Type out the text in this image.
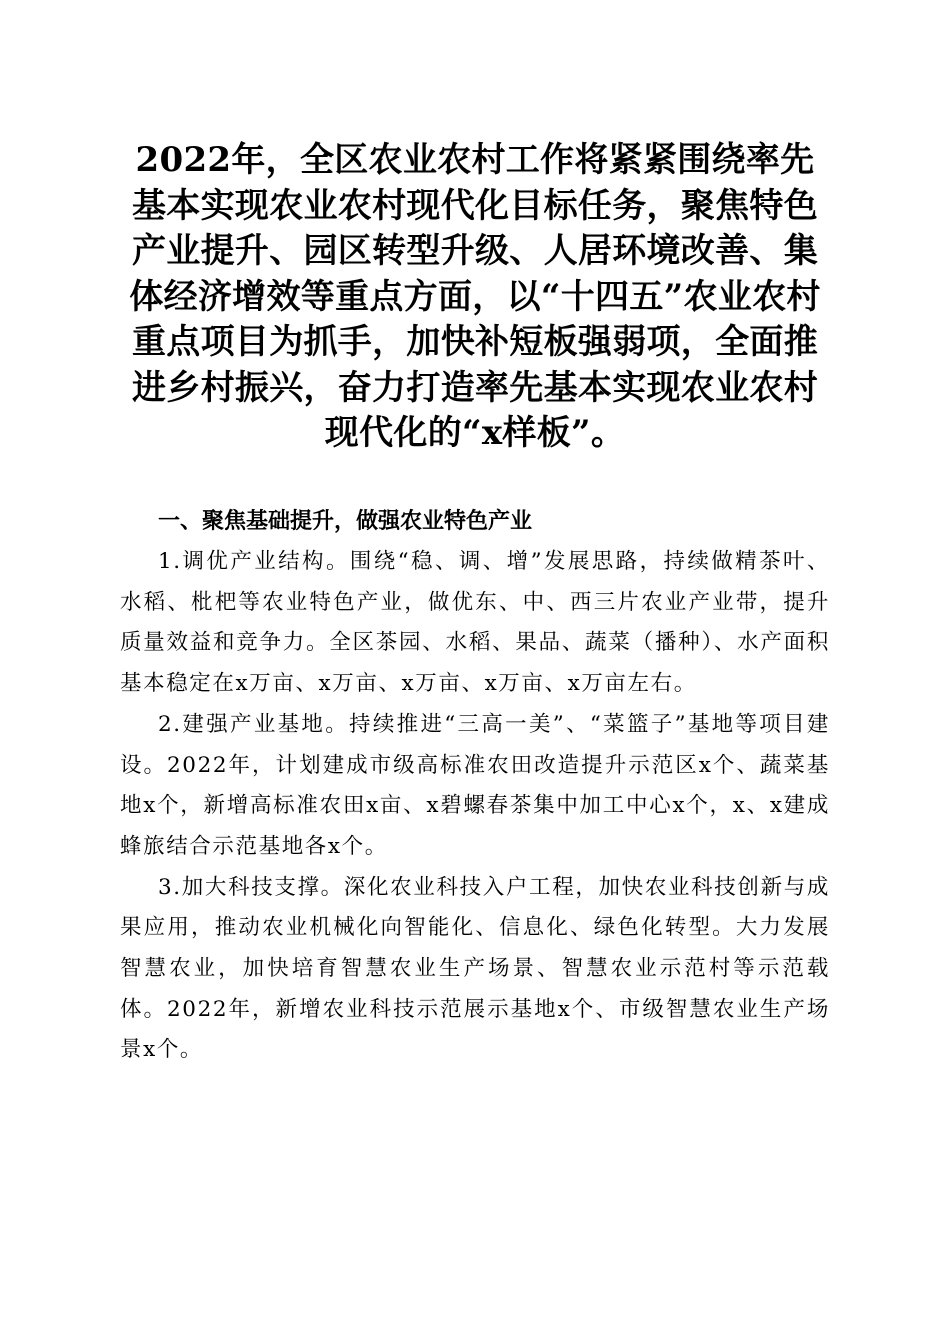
2022年，全区农业农村工作将紧紧围绕率先基本实现农业农村现代化目标任务，聚焦特色产业提升、园区转型升级、人居环境改善、集体经济增效等重点方面，以“十四五”农业农村重点项目为抓手，加快补短板强弱项，全面推进乡村振兴，奋力打造率先基本实现农业农村现代化的“x样板”。
一、聚焦基础提升，做强农业特色产业

1.调优产业结构。围绕“稳、调、增”发展思路，持续做精茶叶、水稻、枇杷等农业特色产业，做优东、中、西三片农业产业带，提升质量效益和竞争力。全区茶园、水稻、果品、蔬菜（播种）、水产面积基本稳定在x万亩、x万亩、x万亩、x万亩、x万亩左右。

2.建强产业基地。持续推进“三高一美”、“菜篮子”基地等项目建设。2022年，计划建成市级高标准农田改造提升示范区x个、蔬菜基地x个，新增高标准农田x亩、x碧螺春茶集中加工中心x个，x、x建成蜂旅结合示范基地各x个。

3.加大科技支撑。深化农业科技入户工程，加快农业科技创新与成果应用，推动农业机械化向智能化、信息化、绿色化转型。大力发展智慧农业，加快培育智慧农业生产场景、智慧农业示范村等示范载体。2022年，新增农业科技示范展示基地x个、市级智慧农业生产场景x个。
